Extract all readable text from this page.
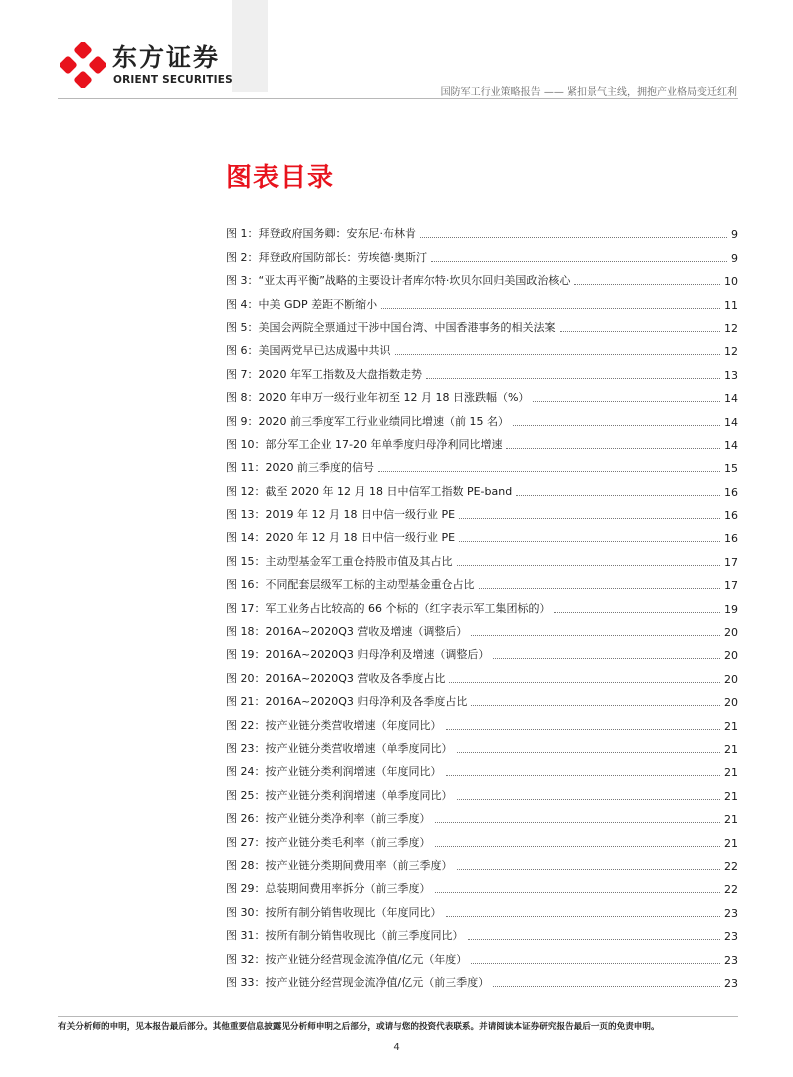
东方证券
ORIENT SECURITIES
国防军工行业策略报告 —— 紧扣景气主线，拥抱产业格局变迁红利
图表目录
图 1：拜登政府国务卿：安东尼·布林肯	9
图 2：拜登政府国防部长：劳埃德·奥斯汀	9
图 3：“亚太再平衡”战略的主要设计者库尔特·坎贝尔回归美国政治核心	10
图 4：中美 GDP 差距不断缩小	11
图 5：美国会两院全票通过干涉中国台湾、中国香港事务的相关法案	12
图 6：美国两党早已达成遏中共识	12
图 7：2020 年军工指数及大盘指数走势	13
图 8：2020 年申万一级行业年初至 12 月 18 日涨跌幅（%）	14
图 9：2020 前三季度军工行业业绩同比增速（前 15 名）	14
图 10：部分军工企业 17-20 年单季度归母净利同比增速	14
图 11：2020 前三季度的信号	15
图 12：截至 2020 年 12 月 18 日中信军工指数 PE-band	16
图 13：2019 年 12 月 18 日中信一级行业 PE	16
图 14：2020 年 12 月 18 日中信一级行业 PE	16
图 15：主动型基金军工重仓持股市值及其占比	17
图 16：不同配套层级军工标的主动型基金重仓占比	17
图 17：军工业务占比较高的 66 个标的（红字表示军工集团标的）	19
图 18：2016A~2020Q3 营收及增速（调整后）	20
图 19：2016A~2020Q3 归母净利及增速（调整后）	20
图 20：2016A~2020Q3 营收及各季度占比	20
图 21：2016A~2020Q3 归母净利及各季度占比	20
图 22：按产业链分类营收增速（年度同比）	21
图 23：按产业链分类营收增速（单季度同比）	21
图 24：按产业链分类利润增速（年度同比）	21
图 25：按产业链分类利润增速（单季度同比）	21
图 26：按产业链分类净利率（前三季度）	21
图 27：按产业链分类毛利率（前三季度）	21
图 28：按产业链分类期间费用率（前三季度）	22
图 29：总装期间费用率拆分（前三季度）	22
图 30：按所有制分销售收现比（年度同比）	23
图 31：按所有制分销售收现比（前三季度同比）	23
图 32：按产业链分经营现金流净值/亿元（年度）	23
图 33：按产业链分经营现金流净值/亿元（前三季度）	23
有关分析师的申明，见本报告最后部分。其他重要信息披露见分析师申明之后部分，或请与您的投资代表联系。并请阅读本证券研究报告最后一页的免责申明。
4
